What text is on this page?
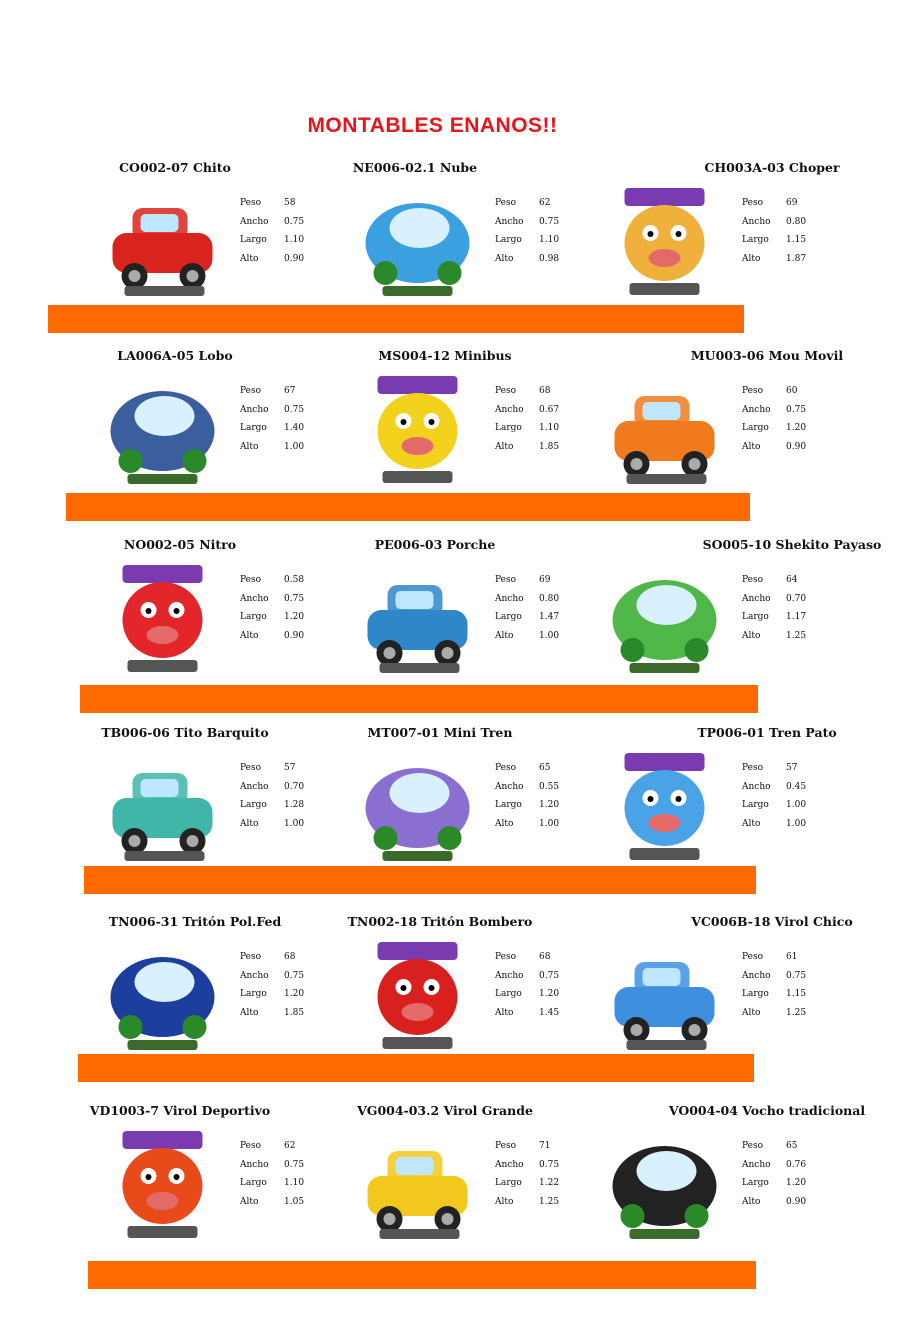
MONTABLES ENANOS!!
CO002-07 Chito
Peso	58
Ancho	0.75
Largo	1.10
Alto	0.90
NE006-02.1 Nube
Peso	62
Ancho	0.75
Largo	1.10
Alto	0.98
CH003A-03 Choper
Peso	69
Ancho	0.80
Largo	1.15
Alto	1.87
LA006A-05 Lobo
Peso	67
Ancho	0.75
Largo	1.40
Alto	1.00
MS004-12 Minibus
Peso	68
Ancho	0.67
Largo	1.10
Alto	1.85
MU003-06 Mou Movil
Peso	60
Ancho	0.75
Largo	1.20
Alto	0.90
NO002-05 Nitro
Peso	0.58
Ancho	0.75
Largo	1.20
Alto	0.90
PE006-03 Porche
Peso	69
Ancho	0.80
Largo	1.47
Alto	1.00
SO005-10 Shekito Payaso
Peso	64
Ancho	0.70
Largo	1.17
Alto	1.25
TB006-06 Tito Barquito
Peso	57
Ancho	0.70
Largo	1.28
Alto	1.00
MT007-01 Mini Tren
Peso	65
Ancho	0.55
Largo	1.20
Alto	1.00
TP006-01 Tren Pato
Peso	57
Ancho	0.45
Largo	1.00
Alto	1.00
TN006-31 Tritón Pol.Fed
Peso	68
Ancho	0.75
Largo	1.20
Alto	1.85
TN002-18 Tritón Bombero
Peso	68
Ancho	0.75
Largo	1.20
Alto	1.45
VC006B-18 Virol Chico
Peso	61
Ancho	0.75
Largo	1.15
Alto	1.25
VD1003-7 Virol Deportivo
Peso	62
Ancho	0.75
Largo	1.10
Alto	1.05
VG004-03.2 Virol Grande
Peso	71
Ancho	0.75
Largo	1.22
Alto	1.25
VO004-04 Vocho tradicional
Peso	65
Ancho	0.76
Largo	1.20
Alto	0.90
